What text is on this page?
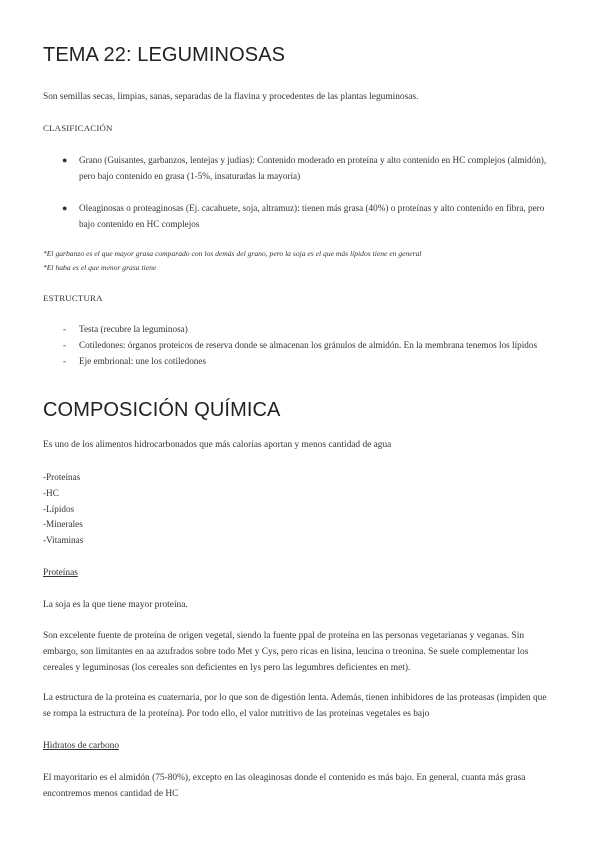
TEMA 22: LEGUMINOSAS

Son semillas secas, limpias, sanas, separadas de la flavina y procedentes de las plantas leguminosas.

CLASIFICACIÓN

● Grano (Guisantes, garbanzos, lentejas y judías): Contenido moderado en proteína y alto contenido en HC complejos (almidón), pero bajo contenido en grasa (1-5%, insaturadas la mayoría)
● Oleaginosas o proteaginosas (Ej. cacahuete, soja, altramuz): tienen más grasa (40%) o proteínas y alto contenido en fibra, pero bajo contenido en HC complejos

*El garbanzo es el que mayor grasa comparado con los demás del grano, pero la soja es el que más lípidos tiene en general

*El haba es el que menor grasa tiene

ESTRUCTURA

- Testa (recubre la leguminosa)
- Cotiledones: órganos proteicos de reserva donde se almacenan los gránulos de almidón. En la membrana tenemos los lípidos
- Eje embrional: une los cotiledones
COMPOSICIÓN QUÍMICA

Es uno de los alimentos hidrocarbonados que más calorías aportan y menos cantidad de agua

-Proteínas
-HC
-Lípidos
-Minerales
-Vitaminas

Proteínas

La soja es la que tiene mayor proteína.

Son excelente fuente de proteína de origen vegetal, siendo la fuente ppal de proteína en las personas vegetarianas y veganas. Sin embargo, son limitantes en aa azufrados sobre todo Met y Cys, pero ricas en lisina, leucina o treonina. Se suele complementar los cereales y leguminosas (los cereales son deficientes en lys pero las legumbres deficientes en met).

La estructura de la proteína es cuaternaria, por lo que son de digestión lenta. Además, tienen inhibidores de las proteasas (impiden que se rompa la estructura de la proteína). Por todo ello, el valor nutritivo de las proteínas vegetales es bajo

Hidratos de carbono

El mayoritario es el almidón (75-80%), excepto en las oleaginosas donde el contenido es más bajo. En general, cuanta más grasa encontremos menos cantidad de HC
